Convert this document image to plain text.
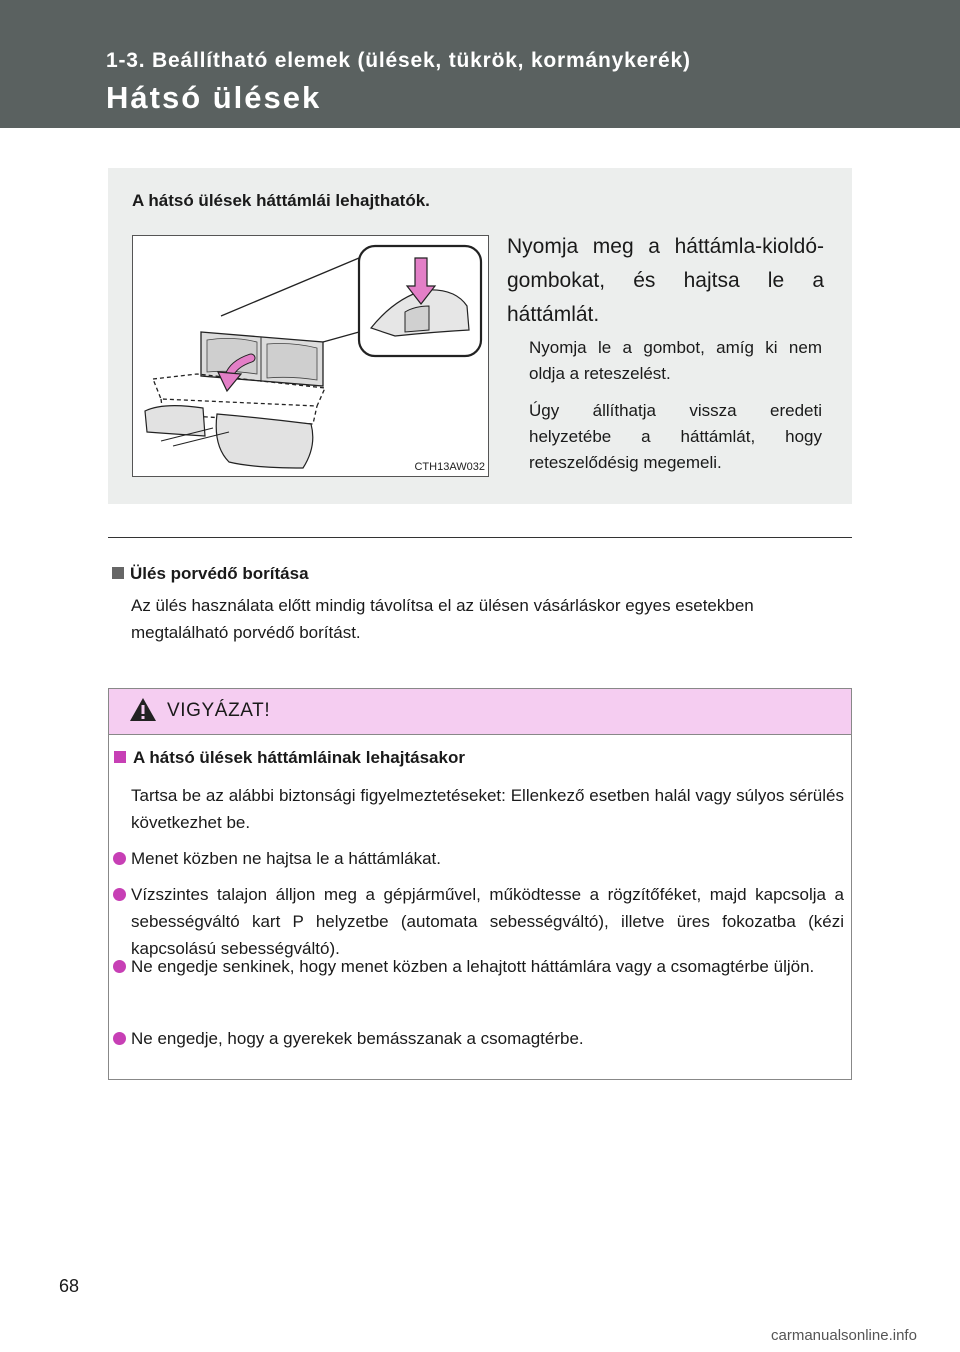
1-3. Beállítható elemek (ülések, tükrök, kormánykerék)
Hátsó ülések
A hátsó ülések háttámlái lehajthatók.
CTH13AW032
Nyomja meg a háttámla-kioldó-gombokat, és hajtsa le a háttámlát.
Nyomja le a gombot, amíg ki nem oldja a reteszelést.
Úgy állíthatja vissza eredeti helyzetébe a háttámlát, hogy reteszelődésig megemeli.
Ülés porvédő borítása
Az ülés használata előtt mindig távolítsa el az ülésen vásárláskor egyes esetekben megtalálható porvédő borítást.
VIGYÁZAT!
A hátsó ülések háttámláinak lehajtásakor
Tartsa be az alábbi biztonsági figyelmeztetéseket: Ellenkező esetben halál vagy súlyos sérülés következhet be.
Menet közben ne hajtsa le a háttámlákat.
Vízszintes talajon álljon meg a gépjárművel, működtesse a rögzítőféket, majd kapcsolja a sebességváltó kart P helyzetbe (automata sebességváltó), illetve üres fokozatba (kézi kapcsolású sebességváltó).
Ne engedje senkinek, hogy menet közben a lehajtott háttámlára vagy a csomagtérbe üljön.
Ne engedje, hogy a gyerekek bemásszanak a csomagtérbe.
68
carmanualsonline.info
